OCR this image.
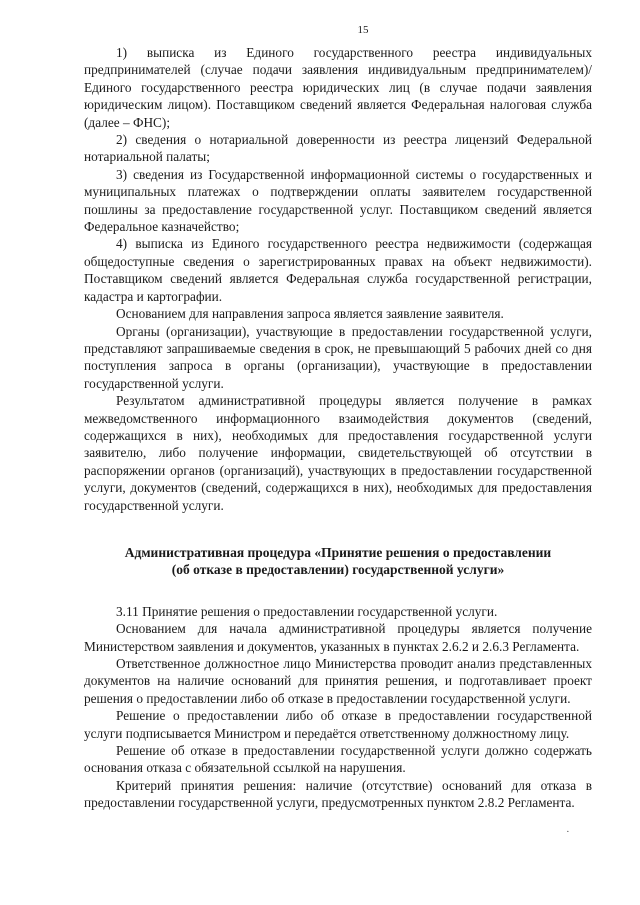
15

1) выписка из Единого государственного реестра индивидуальных предпринимателей (случае подачи заявления индивидуальным предпринимателем)/ Единого государственного реестра юридических лиц (в случае подачи заявления юридическим лицом). Поставщиком сведений является Федеральная налоговая служба (далее – ФНС);

2) сведения о нотариальной доверенности из реестра лицензий Федеральной нотариальной палаты;

3) сведения из Государственной информационной системы о государственных и муниципальных платежах о подтверждении оплаты заявителем государственной пошлины за предоставление государственной услуг. Поставщиком сведений является Федеральное казначейство;

4) выписка из Единого государственного реестра недвижимости (содержащая общедоступные сведения о зарегистрированных правах на объект недвижимости). Поставщиком сведений является Федеральная служба государственной регистрации, кадастра и картографии.

Основанием для направления запроса является заявление заявителя.

Органы (организации), участвующие в предоставлении государственной услуги, представляют запрашиваемые сведения в срок, не превышающий 5 рабочих дней со дня поступления запроса в органы (организации), участвующие в предоставлении государственной услуги.

Результатом административной процедуры является получение в рамках межведомственного информационного взаимодействия документов (сведений, содержащихся в них), необходимых для предоставления государственной услуги заявителю, либо получение информации, свидетельствующей об отсутствии в распоряжении органов (организаций), участвующих в предоставлении государственной услуги, документов (сведений, содержащихся в них), необходимых для предоставления государственной услуги.

Административная процедура «Принятие решения о предоставлении
(об отказе в предоставлении) государственной услуги»

3.11 Принятие решения о предоставлении государственной услуги.

Основанием для начала административной процедуры является получение Министерством заявления и документов, указанных в пунктах 2.6.2 и 2.6.3 Регламента.

Ответственное должностное лицо Министерства проводит анализ представленных документов на наличие оснований для принятия решения, и подготавливает проект решения о предоставлении либо об отказе в предоставлении государственной услуги.

Решение о предоставлении либо об отказе в предоставлении государственной услуги подписывается Министром и передаётся ответственному должностному лицу.

Решение об отказе в предоставлении государственной услуги должно содержать основания отказа с обязательной ссылкой на нарушения.

Критерий принятия решения: наличие (отсутствие) оснований для отказа в предоставлении государственной услуги, предусмотренных пунктом 2.8.2 Регламента.

·
